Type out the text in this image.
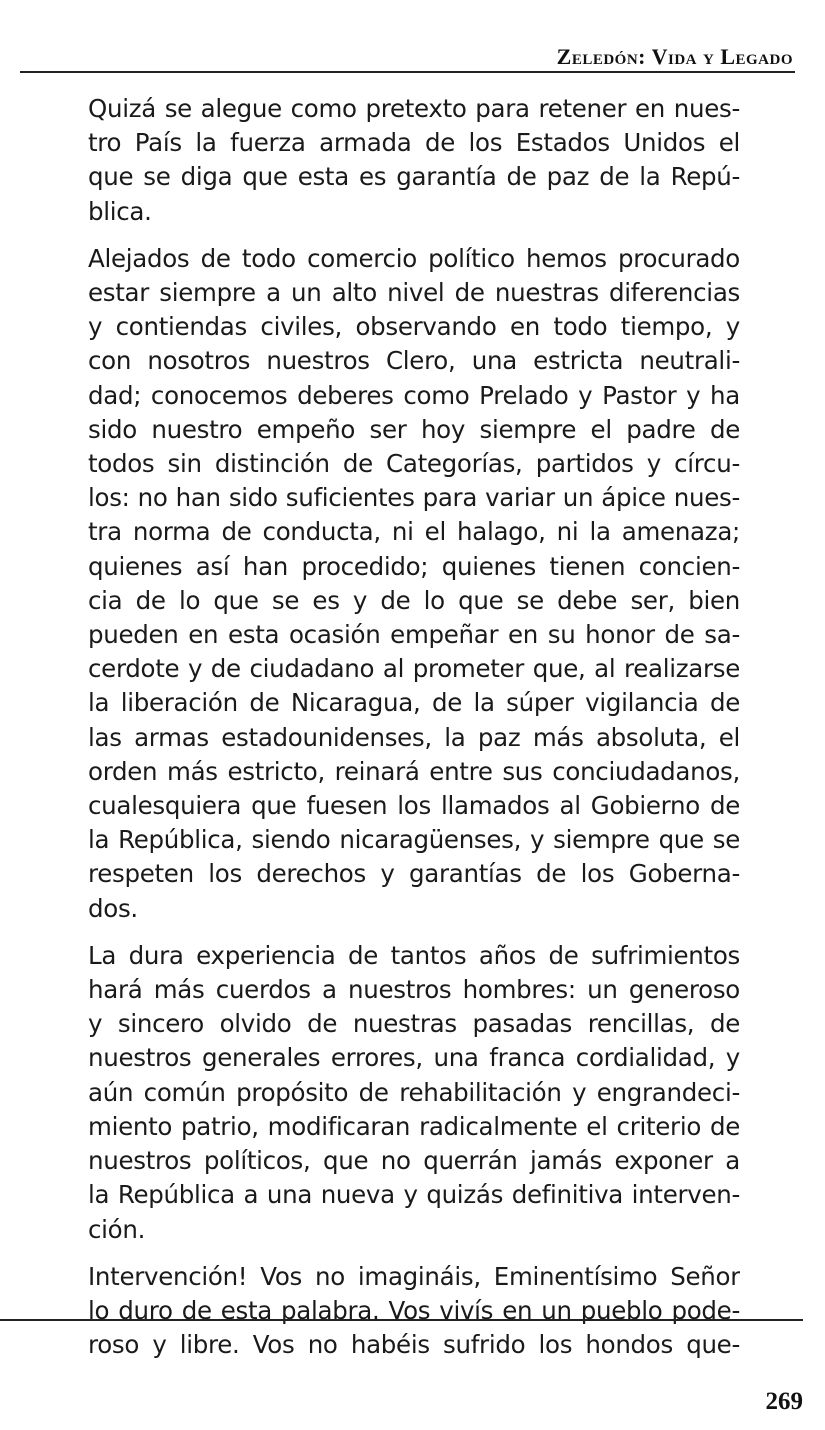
Zeledón: Vida y Legado

Quizá se alegue como pretexto para retener en nues-
tro País la fuerza armada de los Estados Unidos el
que se diga que esta es garantía de paz de la Repú-
blica.

Alejados de todo comercio político hemos procurado
estar siempre a un alto nivel de nuestras diferencias
y contiendas civiles, observando en todo tiempo, y
con nosotros nuestros Clero, una estricta neutrali-
dad; conocemos deberes como Prelado y Pastor y ha
sido nuestro empeño ser hoy siempre el padre de
todos sin distinción de Categorías, partidos y círcu-
los: no han sido suficientes para variar un ápice nues-
tra norma de conducta, ni el halago, ni la amenaza;
quienes así han procedido; quienes tienen concien-
cia de lo que se es y de lo que se debe ser, bien
pueden en esta ocasión empeñar en su honor de sa-
cerdote y de ciudadano al prometer que, al realizarse
la liberación de Nicaragua, de la súper vigilancia de
las armas estadounidenses, la paz más absoluta, el
orden más estricto, reinará entre sus conciudadanos,
cualesquiera que fuesen los llamados al Gobierno de
la República, siendo nicaragüenses, y siempre que se
respeten los derechos y garantías de los Goberna-
dos.

La dura experiencia de tantos años de sufrimientos
hará más cuerdos a nuestros hombres: un generoso
y sincero olvido de nuestras pasadas rencillas, de
nuestros generales errores, una franca cordialidad, y
aún común propósito de rehabilitación y engrandeci-
miento patrio, modificaran radicalmente el criterio de
nuestros políticos, que no querrán jamás exponer a
la República a una nueva y quizás definitiva interven-
ción.

Intervención! Vos no imagináis, Eminentísimo Señor
lo duro de esta palabra. Vos vivís en un pueblo pode-
roso y libre. Vos no habéis sufrido los hondos que-

269
